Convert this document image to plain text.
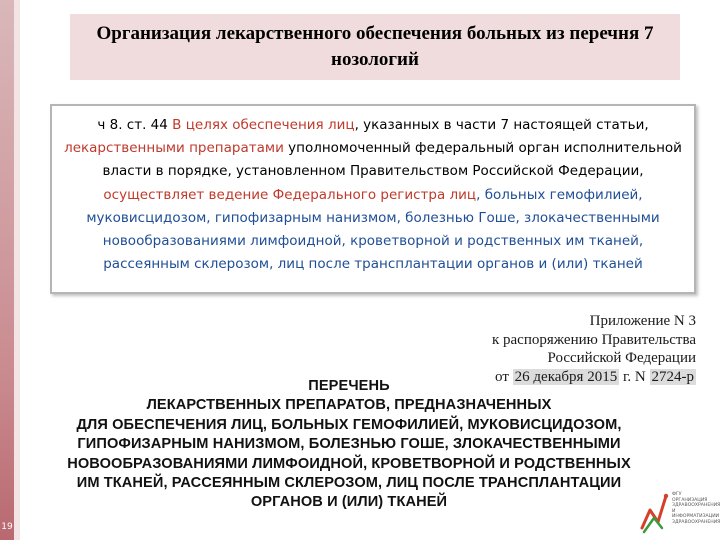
19
Организация лекарственного обеспечения больных из перечня 7 нозологий
ч 8. ст. 44 В целях обеспечения лиц, указанных в части 7 настоящей статьи, лекарственными препаратами уполномоченный федеральный орган исполнительной власти в порядке, установленном Правительством Российской Федерации, осуществляет ведение Федерального регистра лиц, больных гемофилией, муковисцидозом, гипофизарным нанизмом, болезнью Гоше, злокачественными новообразованиями лимфоидной, кроветворной и родственных им тканей, рассеянным склерозом, лиц после трансплантации органов и (или) тканей
Приложение N 3
к распоряжению Правительства
Российской Федерации
от 26 декабря 2015 г. N 2724-р
ПЕРЕЧЕНЬ
ЛЕКАРСТВЕННЫХ ПРЕПАРАТОВ, ПРЕДНАЗНАЧЕННЫХ
ДЛЯ ОБЕСПЕЧЕНИЯ ЛИЦ, БОЛЬНЫХ ГЕМОФИЛИЕЙ, МУКОВИСЦИДОЗОМ,
ГИПОФИЗАРНЫМ НАНИЗМОМ, БОЛЕЗНЬЮ ГОШЕ, ЗЛОКАЧЕСТВЕННЫМИ
НОВООБРАЗОВАНИЯМИ ЛИМФОИДНОЙ, КРОВЕТВОРНОЙ И РОДСТВЕННЫХ
ИМ ТКАНЕЙ, РАССЕЯННЫМ СКЛЕРОЗОМ, ЛИЦ ПОСЛЕ ТРАНСПЛАНТАЦИИ
ОРГАНОВ И (ИЛИ) ТКАНЕЙ	ФГУ
ОРГАНИЗАЦИЯ
ЗДРАВООХРАНЕНИЯ
И ИНФОРМАТИЗАЦИИ
ЗДРАВООХРАНЕНИЯ
